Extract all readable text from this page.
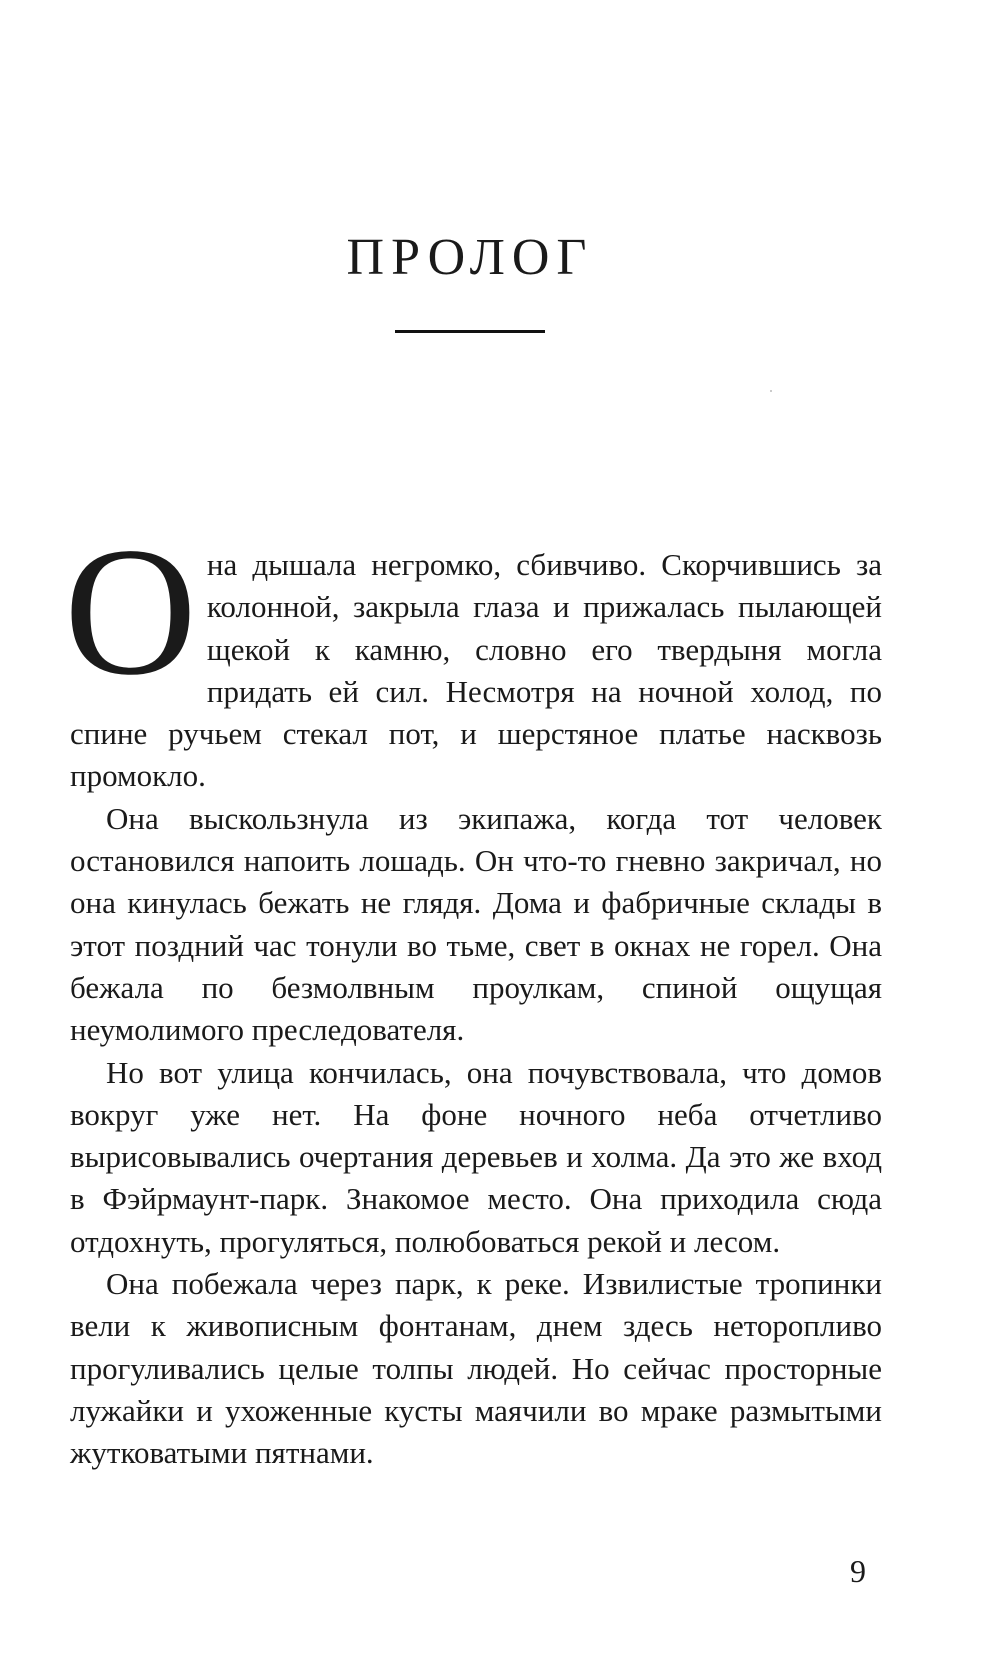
ПРОЛОГ

Она дышала негромко, сбивчиво. Скорчившись за колонной, закрыла глаза и прижалась пылающей щекой к камню, словно его твердыня могла придать ей сил. Несмотря на ночной холод, по спине ручьем стекал пот, и шерстяное платье насквозь промокло.

Она выскользнула из экипажа, когда тот человек остановился напоить лошадь. Он что-то гневно закричал, но она кинулась бежать не глядя. Дома и фабричные склады в этот поздний час тонули во тьме, свет в окнах не горел. Она бежала по безмолвным проулкам, спиной ощущая неумолимого преследователя.

Но вот улица кончилась, она почувствовала, что домов вокруг уже нет. На фоне ночного неба отчетливо вырисовывались очертания деревьев и холма. Да это же вход в Фэйрмаунт-парк. Знакомое место. Она приходила сюда отдохнуть, прогуляться, полюбоваться рекой и лесом.

Она побежала через парк, к реке. Извилистые тропинки вели к живописным фонтанам, днем здесь неторопливо прогуливались целые толпы людей. Но сейчас просторные лужайки и ухоженные кусты маячили во мраке размытыми жутковатыми пятнами.

9
